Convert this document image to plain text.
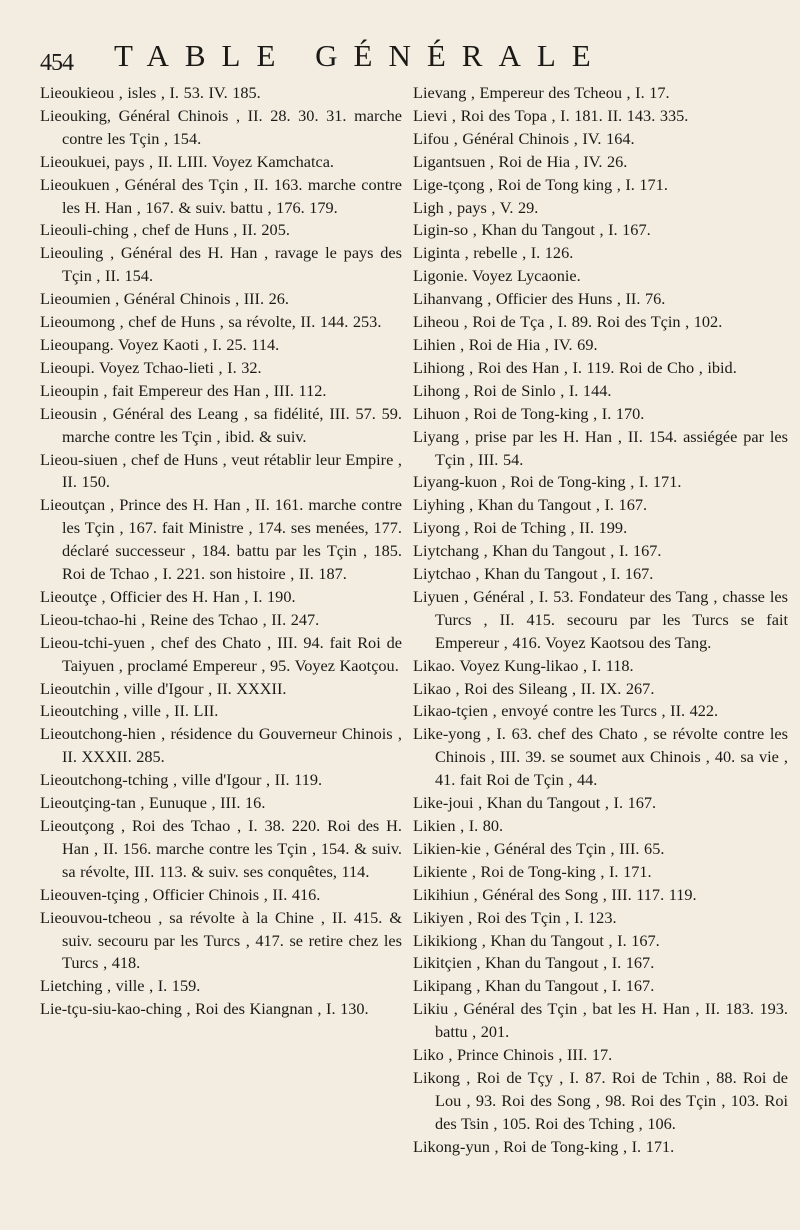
454 TABLE GÉNÉRALE
Lieoukieou , isles , I. 53. IV. 185.
Lieouking, Général Chinois , II. 28. 30. 31. marche contre les Tçin , 154.
Lieoukuei, pays , II. LIII. Voyez Kamchatca.
Lieoukuen , Général des Tçin , II. 163. marche contre les H. Han , 167. & suiv. battu , 176. 179.
Lieouli-ching , chef de Huns , II. 205.
Lieouling , Général des H. Han , ravage le pays des Tçin , II. 154.
Lieoumien , Général Chinois , III. 26.
Lieoumong , chef de Huns , sa révolte, II. 144. 253.
Lieoupang. Voyez Kaoti , I. 25. 114.
Lieoupi. Voyez Tchao-lieti , I. 32.
Lieoupin , fait Empereur des Han , III. 112.
Lieousin , Général des Leang , sa fidélité, III. 57. 59. marche contre les Tçin , ibid. & suiv.
Lieou-siuen , chef de Huns , veut rétablir leur Empire , II. 150.
Lieoutçan , Prince des H. Han , II. 161. marche contre les Tçin , 167. fait Ministre , 174. ses menées, 177. déclaré successeur , 184. battu par les Tçin , 185. Roi de Tchao , I. 221. son histoire , II. 187.
Lieoutçe , Officier des H. Han , I. 190.
Lieou-tchao-hi , Reine des Tchao , II. 247.
Lieou-tchi-yuen , chef des Chato , III. 94. fait Roi de Taiyuen , proclamé Empereur , 95. Voyez Kaotçou.
Lieoutchin , ville d'Igour , II. XXXII.
Lieoutching , ville , II. LII.
Lieoutchong-hien , résidence du Gouverneur Chinois , II. XXXII. 285.
Lieoutchong-tching , ville d'Igour , II. 119.
Lieoutçing-tan , Eunuque , III. 16.
Lieoutçong , Roi des Tchao , I. 38. 220. Roi des H. Han , II. 156. marche contre les Tçin , 154. & suiv. sa révolte, III. 113. & suiv. ses conquêtes, 114.
Lieouven-tçing , Officier Chinois , II. 416.
Lieouvou-tcheou , sa révolte à la Chine , II. 415. & suiv. secouru par les Turcs , 417. se retire chez les Turcs , 418.
Lietching , ville , I. 159.
Lie-tçu-siu-kao-ching , Roi des Kiangnan , I. 130.
Lievang , Empereur des Tcheou , I. 17.
Lievi , Roi des Topa , I. 181. II. 143. 335.
Lifou , Général Chinois , IV. 164.
Ligantsuen , Roi de Hia , IV. 26.
Lige-tçong , Roi de Tong king , I. 171.
Ligh , pays , V. 29.
Ligin-so , Khan du Tangout , I. 167.
Liginta , rebelle , I. 126.
Ligonie. Voyez Lycaonie.
Lihanvang , Officier des Huns , II. 76.
Liheou , Roi de Tça , I. 89. Roi des Tçin , 102.
Lihien , Roi de Hia , IV. 69.
Lihiong , Roi des Han , I. 119. Roi de Cho , ibid.
Lihong , Roi de Sinlo , I. 144.
Lihuon , Roi de Tong-king , I. 170.
Liyang , prise par les H. Han , II. 154. assiégée par les Tçin , III. 54.
Liyang-kuon , Roi de Tong-king , I. 171.
Liyhing , Khan du Tangout , I. 167.
Liyong , Roi de Tching , II. 199.
Liytchang , Khan du Tangout , I. 167.
Liytchao , Khan du Tangout , I. 167.
Liyuen , Général , I. 53. Fondateur des Tang , chasse les Turcs , II. 415. secouru par les Turcs se fait Empereur , 416. Voyez Kaotsou des Tang.
Likao. Voyez Kung-likao , I. 118.
Likao , Roi des Sileang , II. IX. 267.
Likao-tçien , envoyé contre les Turcs , II. 422.
Like-yong , I. 63. chef des Chato , se révolte contre les Chinois , III. 39. se soumet aux Chinois , 40. sa vie , 41. fait Roi de Tçin , 44.
Like-joui , Khan du Tangout , I. 167.
Likien , I. 80.
Likien-kie , Général des Tçin , III. 65.
Likiente , Roi de Tong-king , I. 171.
Likihiun , Général des Song , III. 117. 119.
Likiyen , Roi des Tçin , I. 123.
Likikiong , Khan du Tangout , I. 167.
Likitçien , Khan du Tangout , I. 167.
Likipang , Khan du Tangout , I. 167.
Likiu , Général des Tçin , bat les H. Han , II. 183. 193. battu , 201.
Liko , Prince Chinois , III. 17.
Likong , Roi de Tçy , I. 87. Roi de Tchin , 88. Roi de Lou , 93. Roi des Song , 98. Roi des Tçin , 103. Roi des Tsin , 105. Roi des Tching , 106.
Likong-yun , Roi de Tong-king , I. 171.
